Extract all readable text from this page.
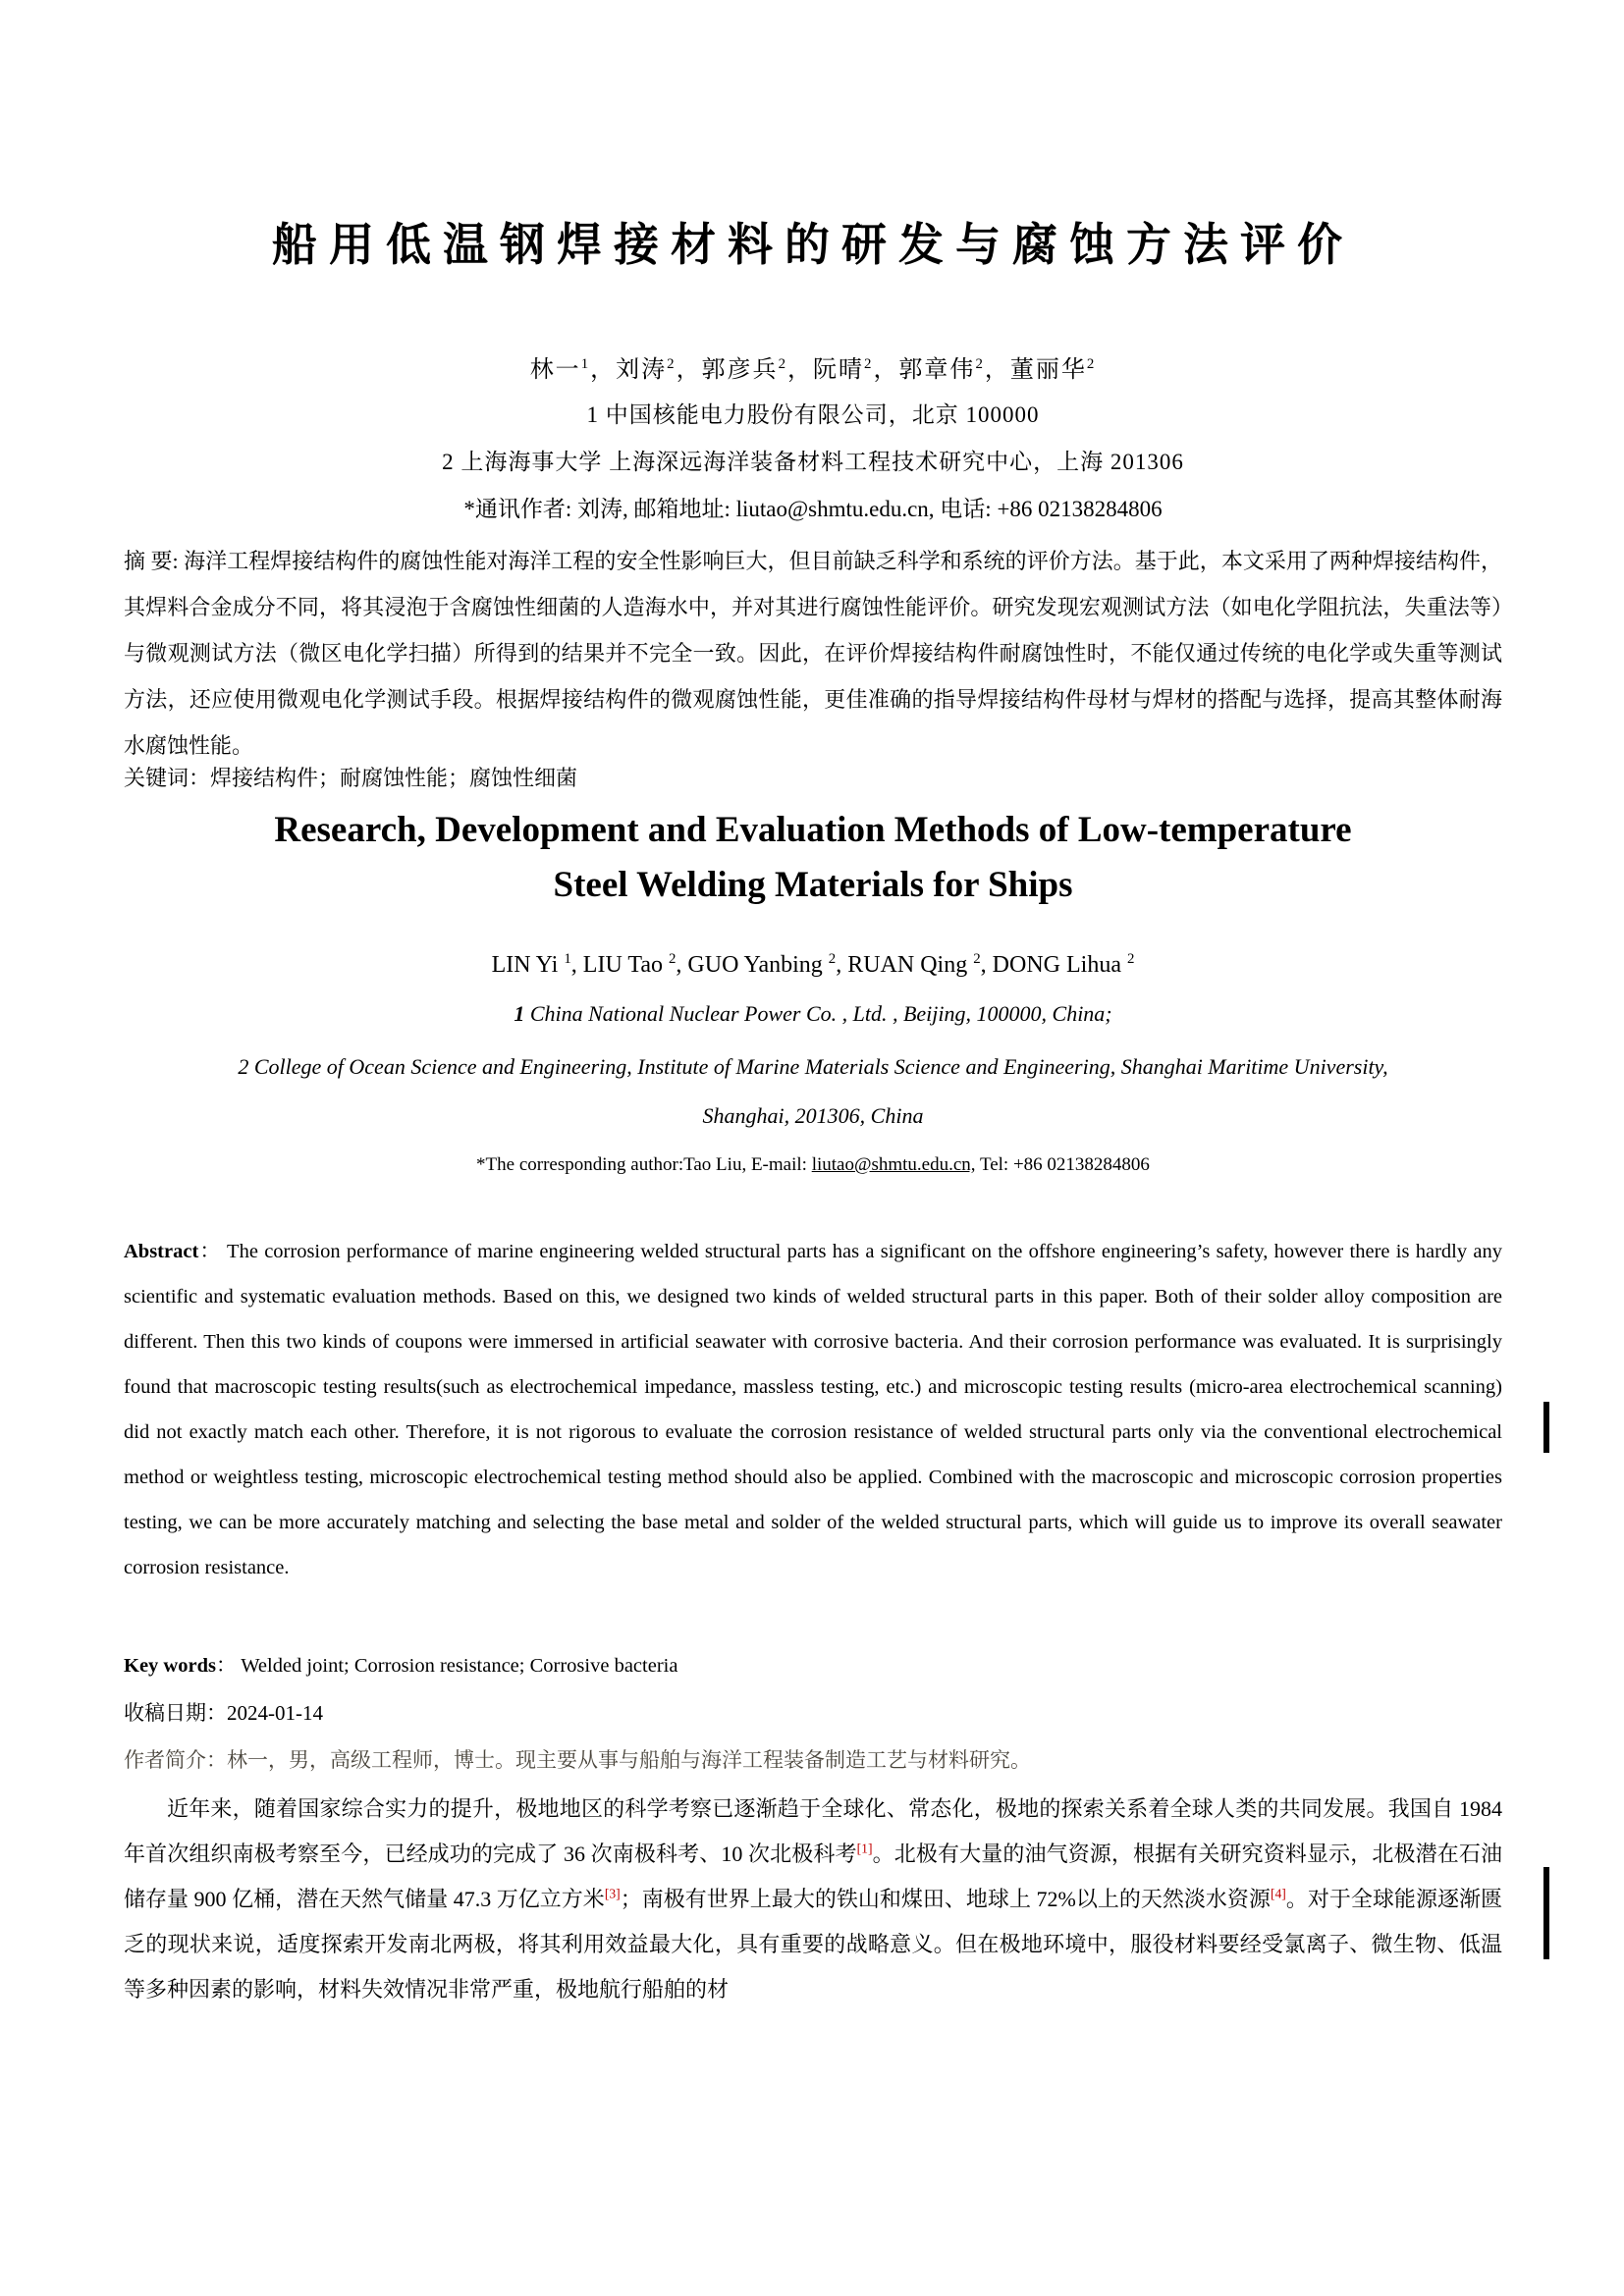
船用低温钢焊接材料的研发与腐蚀方法评价
林一$^1$，刘涛$^2$，郭彦兵$^2$，阮晴$^2$，郭章伟$^2$，董丽华$^2$
1 中国核能电力股份有限公司，北京 100000
2 上海海事大学 上海深远海洋装备材料工程技术研究中心，上海 201306
*通讯作者: 刘涛, 邮箱地址: liutao@shmtu.edu.cn, 电话: +86 02138284806
摘 要: 海洋工程焊接结构件的腐蚀性能对海洋工程的安全性影响巨大，但目前缺乏科学和系统的评价方法。基于此，本文采用了两种焊接结构件，其焊料合金成分不同，将其浸泡于含腐蚀性细菌的人造海水中，并对其进行腐蚀性能评价。研究发现宏观测试方法（如电化学阻抗法，失重法等）与微观测试方法（微区电化学扫描）所得到的结果并不完全一致。因此，在评价焊接结构件耐腐蚀性时，不能仅通过传统的电化学或失重等测试方法，还应使用微观电化学测试手段。根据焊接结构件的微观腐蚀性能，更佳准确的指导焊接结构件母材与焊材的搭配与选择，提高其整体耐海水腐蚀性能。
关键词：焊接结构件；耐腐蚀性能；腐蚀性细菌
Research, Development and Evaluation Methods of Low-temperature
Steel Welding Materials for Ships
LIN Yi $^1$, LIU Tao $^2$, GUO Yanbing $^2$, RUAN Qing $^2$, DONG Lihua $^2$
1 China National Nuclear Power Co. , Ltd. , Beijing, 100000, China;
2 College of Ocean Science and Engineering, Institute of Marine Materials Science and Engineering, Shanghai Maritime University,
Shanghai, 201306, China
*The corresponding author:Tao Liu, E-mail: liutao@shmtu.edu.cn, Tel: +86 02138284806
Abstract： The corrosion performance of marine engineering welded structural parts has a significant on the offshore engineering’s safety, however there is hardly any scientific and systematic evaluation methods. Based on this, we designed two kinds of welded structural parts in this paper. Both of their solder alloy composition are different. Then this two kinds of coupons were immersed in artificial seawater with corrosive bacteria. And their corrosion performance was evaluated. It is surprisingly found that macroscopic testing results(such as electrochemical impedance, massless testing, etc.) and microscopic testing results (micro-area electrochemical scanning) did not exactly match each other. Therefore, it is not rigorous to evaluate the corrosion resistance of welded structural parts only via the conventional electrochemical method or weightless testing, microscopic electrochemical testing method should also be applied. Combined with the macroscopic and microscopic corrosion properties testing, we can be more accurately matching and selecting the base metal and solder of the welded structural parts, which will guide us to improve its overall seawater corrosion resistance.
Key words： Welded joint; Corrosion resistance; Corrosive bacteria
收稿日期：2024-01-14
作者简介：林一，男，高级工程师，博士。现主要从事与船舶与海洋工程装备制造工艺与材料研究。
近年来，随着国家综合实力的提升，极地地区的科学考察已逐渐趋于全球化、常态化，极地的探索关系着全球人类的共同发展。我国自 1984 年首次组织南极考察至今，已经成功的完成了 36 次南极科考、10 次北极科考[1]。北极有大量的油气资源，根据有关研究资料显示，北极潜在石油储存量 900 亿桶，潜在天然气储量 47.3 万亿立方米[3]；南极有世界上最大的铁山和煤田、地球上 72%以上的天然淡水资源[4]。对于全球能源逐渐匮乏的现状来说，适度探索开发南北两极，将其利用效益最大化，具有重要的战略意义。但在极地环境中，服役材料要经受氯离子、微生物、低温等多种因素的影响，材料失效情况非常严重，极地航行船舶的材
